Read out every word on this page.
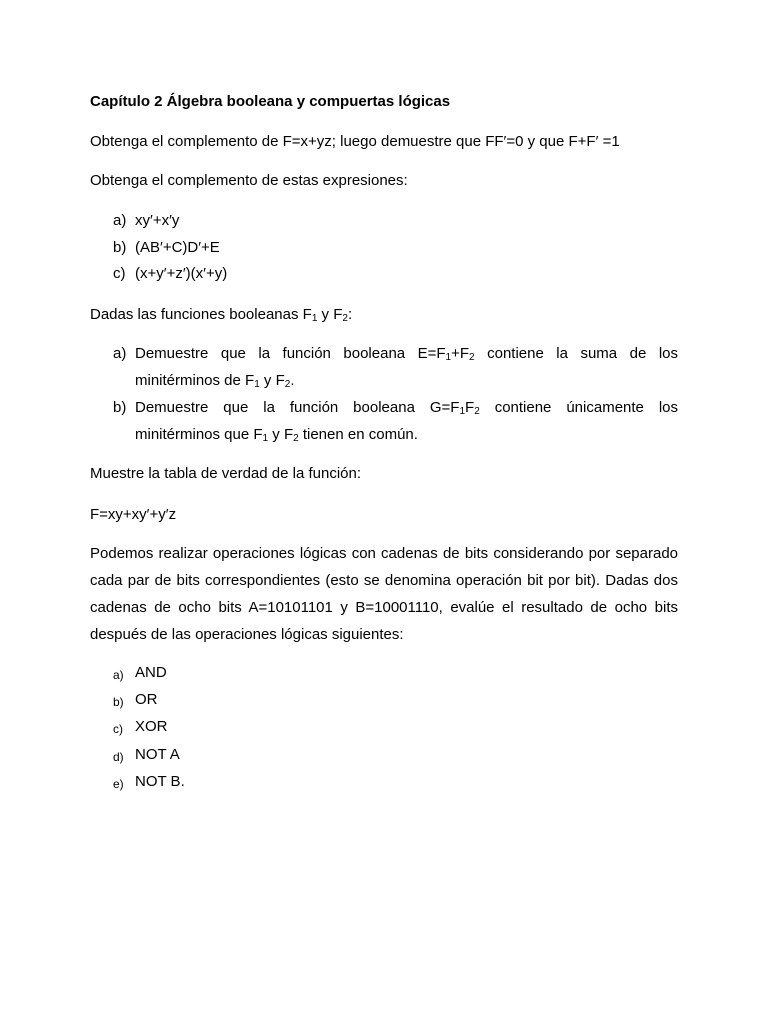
Capítulo 2 Álgebra booleana y compuertas lógicas
Obtenga el complemento de F=x+yz; luego demuestre que FF′=0 y que F+F′ =1
Obtenga el complemento de estas expresiones:
a) xy′+x′y
b) (AB′+C)D′+E
c) (x+y′+z′)(x′+y)
Dadas las funciones booleanas $F_1$ y $F_2$:
a) Demuestre que la función booleana $E=F_1+F_2$ contiene la suma de los
minitérminos de $F_1$ y $F_2$.
b) Demuestre que la función booleana $G=F_1F_2$ contiene únicamente los
minitérminos que $F_1$ y $F_2$ tienen en común.
Muestre la tabla de verdad de la función:
F=xy+xy′+y′z
Podemos realizar operaciones lógicas con cadenas de bits considerando por separado cada par de bits correspondientes (esto se denomina operación bit por bit). Dadas dos cadenas de ocho bits A=10101101 y B=10001110, evalúe el resultado de ocho bits después de las operaciones lógicas siguientes:
a) AND
b) OR
c) XOR
d) NOT A
e) NOT B.
